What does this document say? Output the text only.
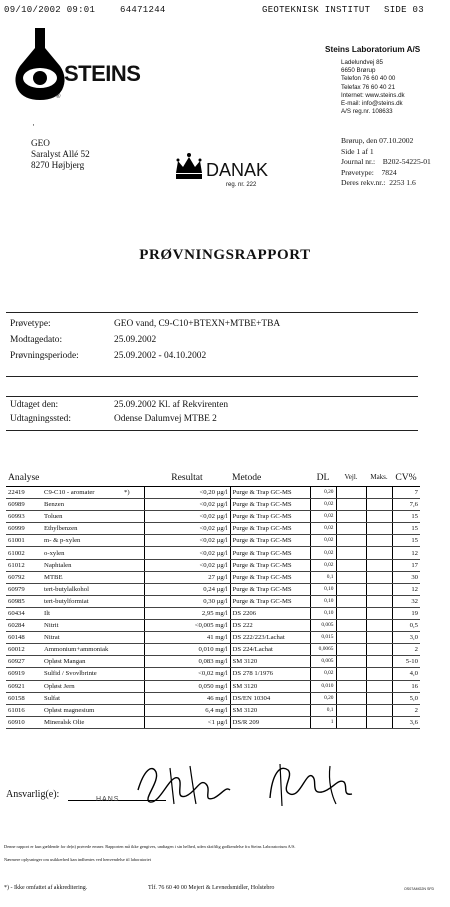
09/10/2002 09:01	64471244	GEOTEKNISK INSTITUT SIDE 03
STEINS
®
Steins Laboratorium A/S
Ladelundvej 85
6650 Brørup
Telefon 76 60 40 00
Telefax 76 60 40 21
Internet: www.steins.dk
E-mail: info@steins.dk
A/S reg.nr. 108633
Brørup, den 07.10.2002
Side 1 af 1
Journal nr.: B202-54225-01
Prøvetype: 7824
Deres rekv.nr.: 2253 1.6
GEO
Saralyst Allé 52
8270 Højbjerg
·
DANAK
reg. nr. 222
PRØVNINGSRAPPORT
Prøvetype:	GEO vand, C9-C10+BTEXN+MTBE+TBA
Modtagedato:	25.09.2002
Prøvningsperiode:	25.09.2002 - 04.10.2002
Udtaget den:	25.09.2002 Kl. af Rekvirenten
Udtagningssted:	Odense Dalumvej MTBE 2
Analyse			Resultat	Metode	DL	Vejl.	Maks.	CV%
22419	C9-C10 - aromater	*)	<0,20 µg/l	Purge & Trap GC-MS	0,20			7
60989	Benzen		<0,02 µg/l	Purge & Trap GC-MS	0,02			7,6
60993	Toluen		<0,02 µg/l	Purge & Trap GC-MS	0,02			15
60999	Ethylbenzen		<0,02 µg/l	Purge & Trap GC-MS	0,02			15
61001	m- & p-xylen		<0,02 µg/l	Purge & Trap GC-MS	0,02			15
61002	o-xylen		<0,02 µg/l	Purge & Trap GC-MS	0,02			12
61012	Naphtalen		<0,02 µg/l	Purge & Trap GC-MS	0,02			17
60792	MTBE		27 µg/l	Purge & Trap GC-MS	0,1			30
60979	tert-butylalkohol		0,24 µg/l	Purge & Trap GC-MS	0,10			12
60985	tert-butylformiat		0,30 µg/l	Purge & Trap GC-MS	0,10			32
60434	Ilt		2,95 mg/l	DS 2206	0,10			19
60284	Nitrit		<0,005 mg/l	DS 222	0,005			0,5
60148	Nitrat		41 mg/l	DS 222/223/Lachat	0,015			3,0
60012	Ammonium+ammoniak		0,010 mg/l	DS 224/Lachat	0,0065			2
60927	Opløst Mangan		0,083 mg/l	SM 3120	0,005			5-10
60919	Sulfid / Svovlbrinte		<0,02 mg/l	DS 278 1/1976	0,02			4,0
60921	Opløst Jern		0,050 mg/l	SM 3120	0,010			16
60158	Sulfat		46 mg/l	DS/EN 10304	0,20			5,0
61016	Opløst magnesium		6,4 mg/l	SM 3120	0,1			2
60910	Mineralsk Olie		<1 µg/l	DS/R 209	1			3,6
Ansvarlig(e):	HANS
Denne rapport er kun gældende for de(n) prøvede emner. Rapporten må ikke gengives, undtagen i sin helhed, uden skriftlig godkendelse fra Steins Laboratorium A/S.
Nærmere oplysninger om usikkerhed kan indhentes ved henvendelse til laboratoriet
*) - Ikke omfattet af akkreditering.	Tlf. 76 60 40 00 Mejeri & Levnedsmidler, Holstebro	OS07AMG2N SFD
